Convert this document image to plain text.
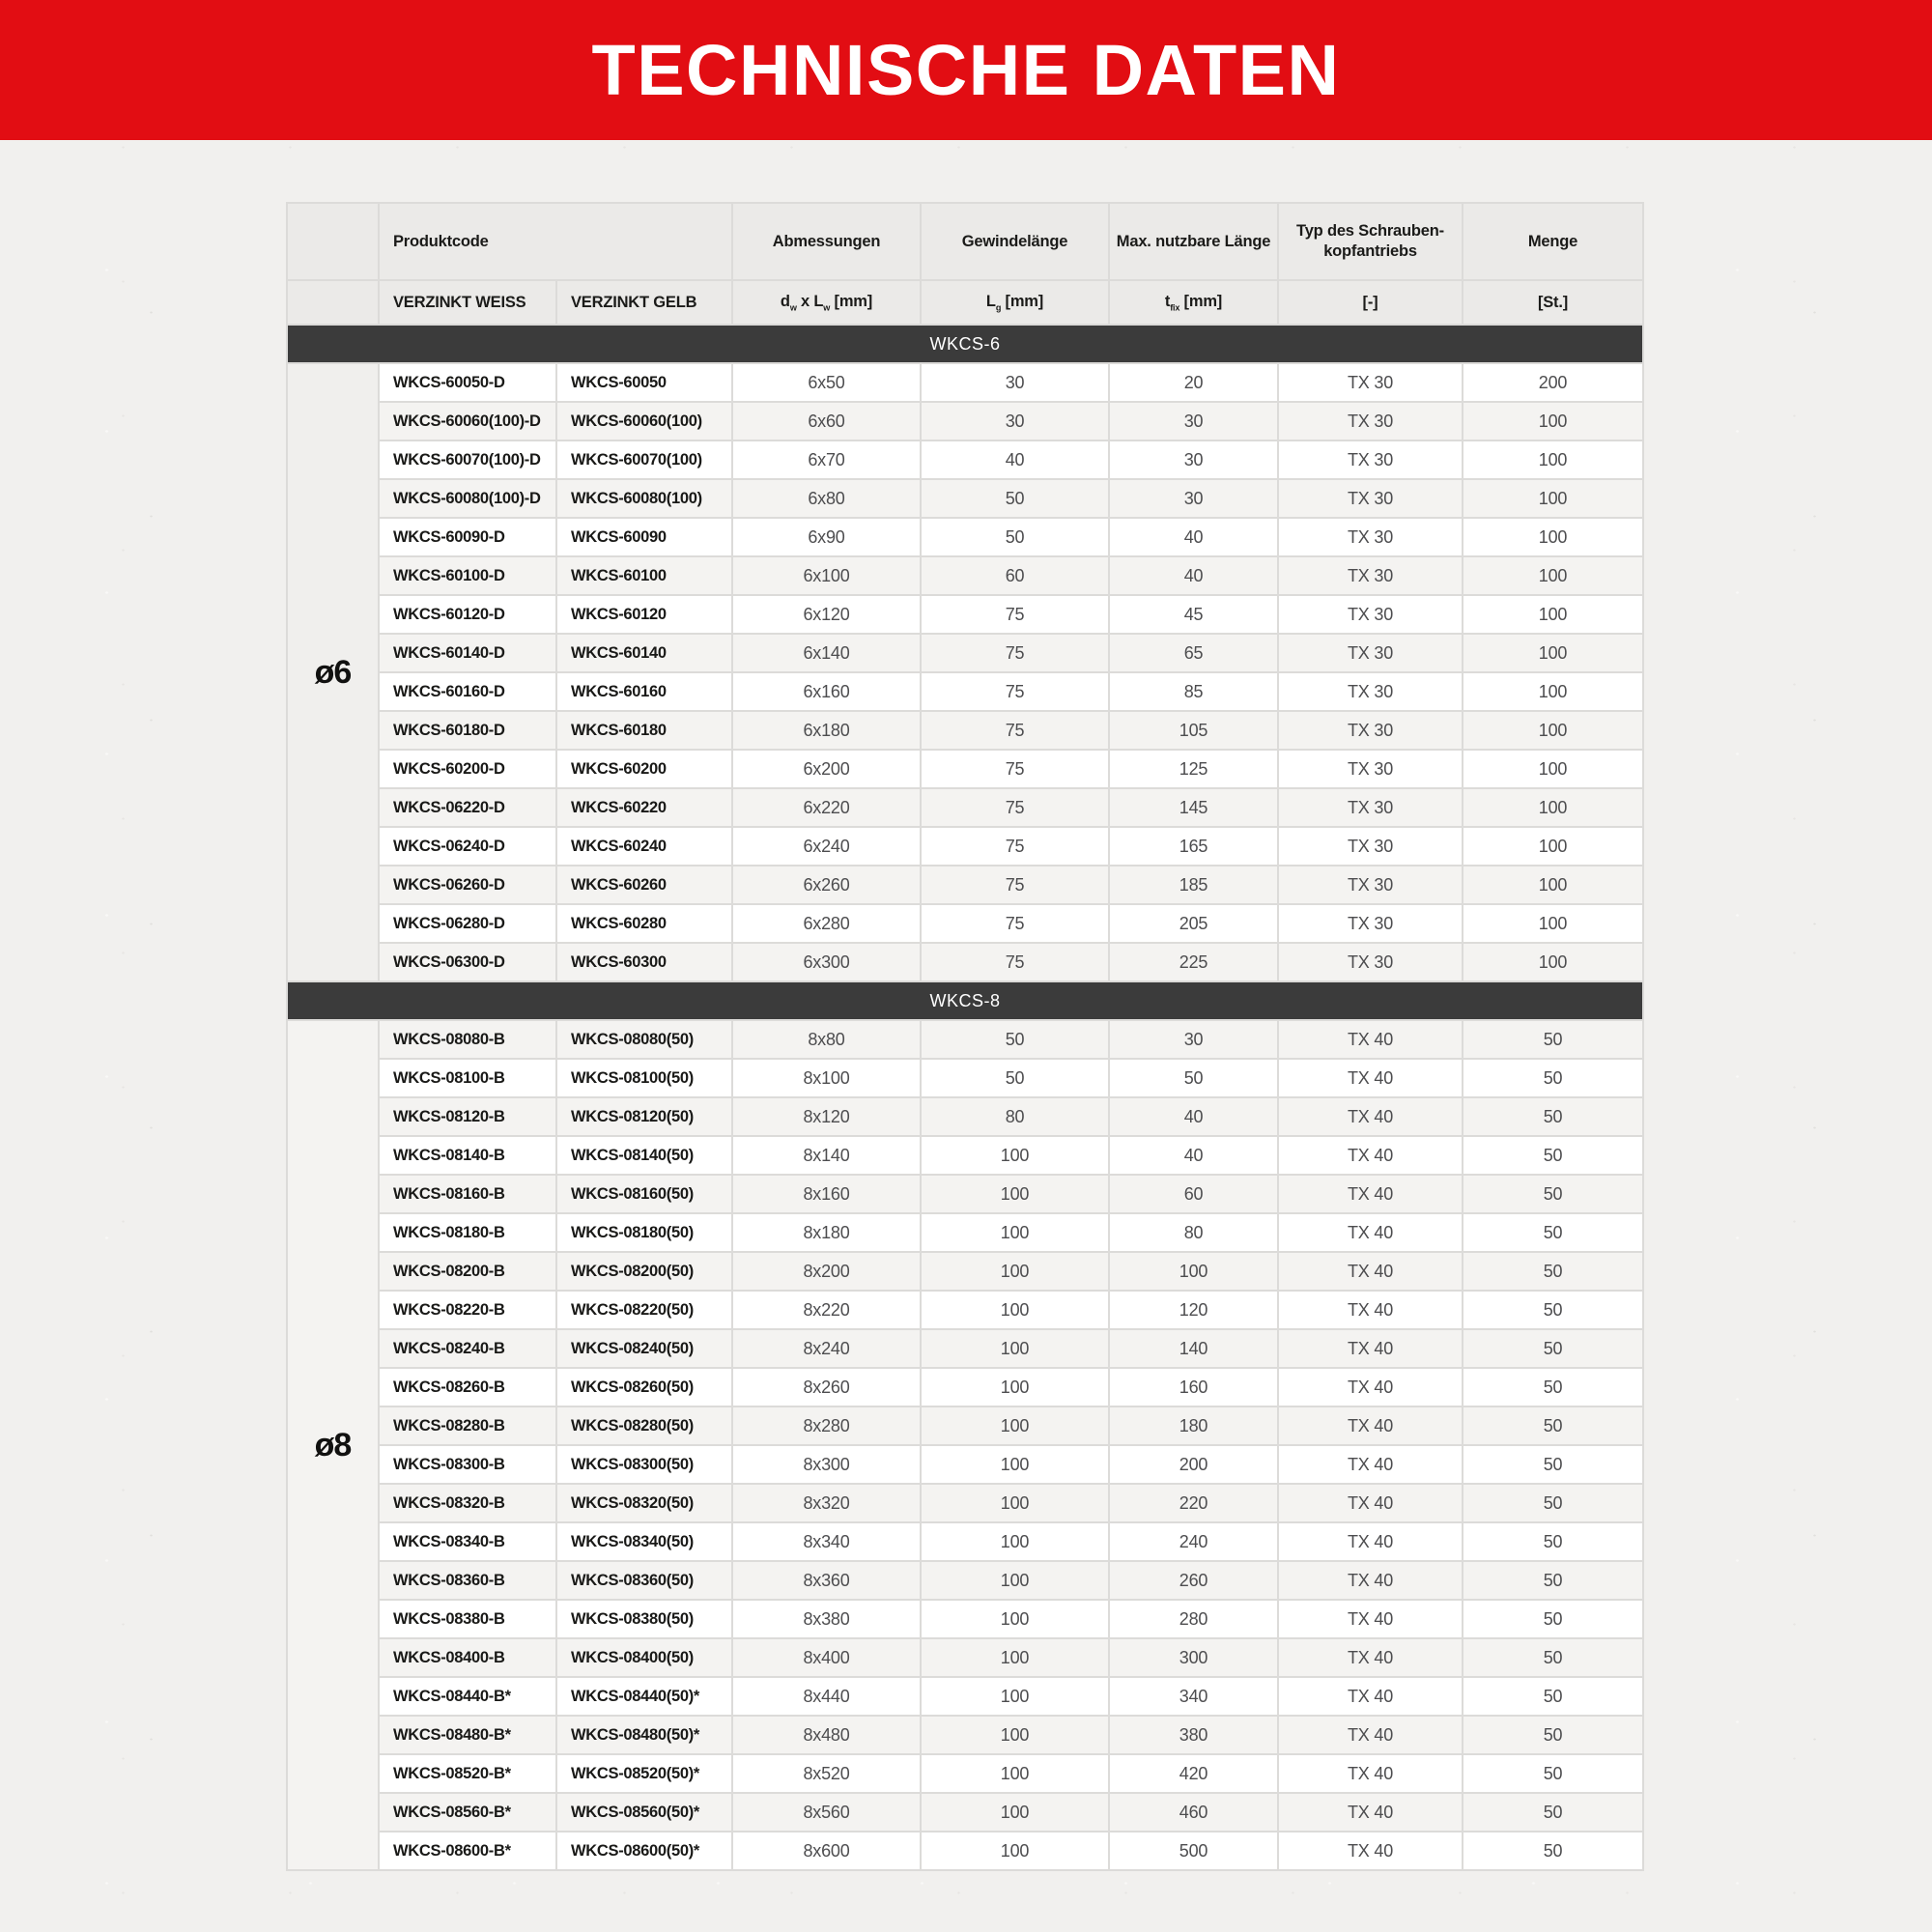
TECHNISCHE DATEN
	Produktcode		Abmessungen	Gewindelänge	Max. nutzbare Länge	Typ des Schrauben-kopfantriebs	Menge
	VERZINKT WEISS	VERZINKT GELB	$d_w$ x $L_w$ [mm]	$L_g$ [mm]	$t_{fix}$ [mm]	[-]	[St.]
WKCS-6							
ø6	WKCS-60050-D	WKCS-60050	6x50	30	20	TX 30	200
	WKCS-60060(100)-D	WKCS-60060(100)	6x60	30	30	TX 30	100
	WKCS-60070(100)-D	WKCS-60070(100)	6x70	40	30	TX 30	100
	WKCS-60080(100)-D	WKCS-60080(100)	6x80	50	30	TX 30	100
	WKCS-60090-D	WKCS-60090	6x90	50	40	TX 30	100
	WKCS-60100-D	WKCS-60100	6x100	60	40	TX 30	100
	WKCS-60120-D	WKCS-60120	6x120	75	45	TX 30	100
	WKCS-60140-D	WKCS-60140	6x140	75	65	TX 30	100
	WKCS-60160-D	WKCS-60160	6x160	75	85	TX 30	100
	WKCS-60180-D	WKCS-60180	6x180	75	105	TX 30	100
	WKCS-60200-D	WKCS-60200	6x200	75	125	TX 30	100
	WKCS-06220-D	WKCS-60220	6x220	75	145	TX 30	100
	WKCS-06240-D	WKCS-60240	6x240	75	165	TX 30	100
	WKCS-06260-D	WKCS-60260	6x260	75	185	TX 30	100
	WKCS-06280-D	WKCS-60280	6x280	75	205	TX 30	100
	WKCS-06300-D	WKCS-60300	6x300	75	225	TX 30	100
WKCS-8							
ø8	WKCS-08080-B	WKCS-08080(50)	8x80	50	30	TX 40	50
	WKCS-08100-B	WKCS-08100(50)	8x100	50	50	TX 40	50
	WKCS-08120-B	WKCS-08120(50)	8x120	80	40	TX 40	50
	WKCS-08140-B	WKCS-08140(50)	8x140	100	40	TX 40	50
	WKCS-08160-B	WKCS-08160(50)	8x160	100	60	TX 40	50
	WKCS-08180-B	WKCS-08180(50)	8x180	100	80	TX 40	50
	WKCS-08200-B	WKCS-08200(50)	8x200	100	100	TX 40	50
	WKCS-08220-B	WKCS-08220(50)	8x220	100	120	TX 40	50
	WKCS-08240-B	WKCS-08240(50)	8x240	100	140	TX 40	50
	WKCS-08260-B	WKCS-08260(50)	8x260	100	160	TX 40	50
	WKCS-08280-B	WKCS-08280(50)	8x280	100	180	TX 40	50
	WKCS-08300-B	WKCS-08300(50)	8x300	100	200	TX 40	50
	WKCS-08320-B	WKCS-08320(50)	8x320	100	220	TX 40	50
	WKCS-08340-B	WKCS-08340(50)	8x340	100	240	TX 40	50
	WKCS-08360-B	WKCS-08360(50)	8x360	100	260	TX 40	50
	WKCS-08380-B	WKCS-08380(50)	8x380	100	280	TX 40	50
	WKCS-08400-B	WKCS-08400(50)	8x400	100	300	TX 40	50
	WKCS-08440-B*	WKCS-08440(50)*	8x440	100	340	TX 40	50
	WKCS-08480-B*	WKCS-08480(50)*	8x480	100	380	TX 40	50
	WKCS-08520-B*	WKCS-08520(50)*	8x520	100	420	TX 40	50
	WKCS-08560-B*	WKCS-08560(50)*	8x560	100	460	TX 40	50
	WKCS-08600-B*	WKCS-08600(50)*	8x600	100	500	TX 40	50
